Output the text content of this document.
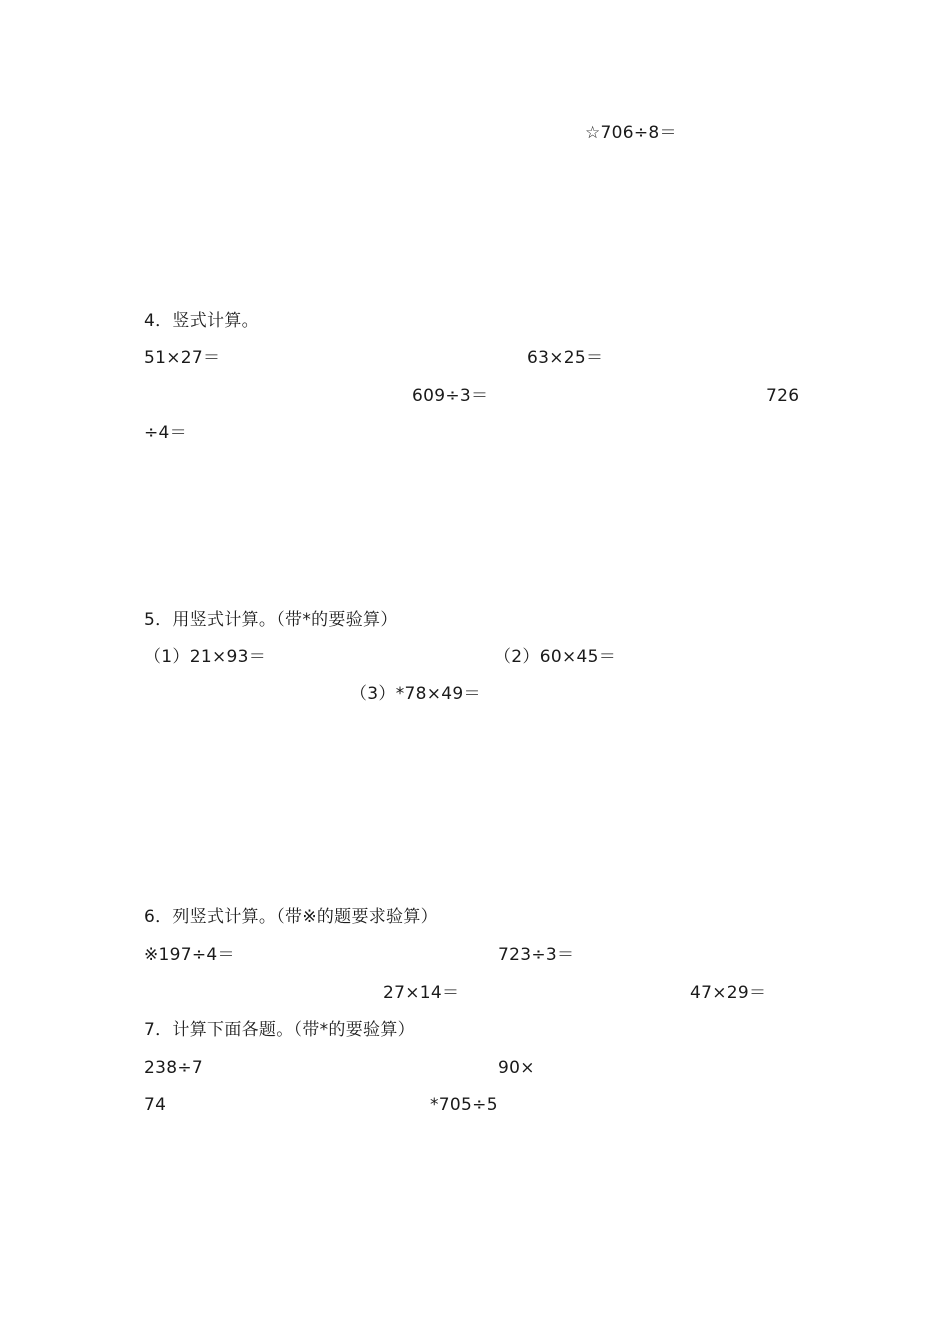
☆706÷8＝
4．竖式计算。
51×27＝	63×25＝
609÷3＝	726
÷4＝
5．用竖式计算。（带*的要验算）
（1）21×93＝	（2）60×45＝
（3）*78×49＝
6．列竖式计算。（带※的题要求验算）
※197÷4＝	723÷3＝
27×14＝	47×29＝
7．计算下面各题。（带*的要验算）
238÷7	90×
74	*705÷5
